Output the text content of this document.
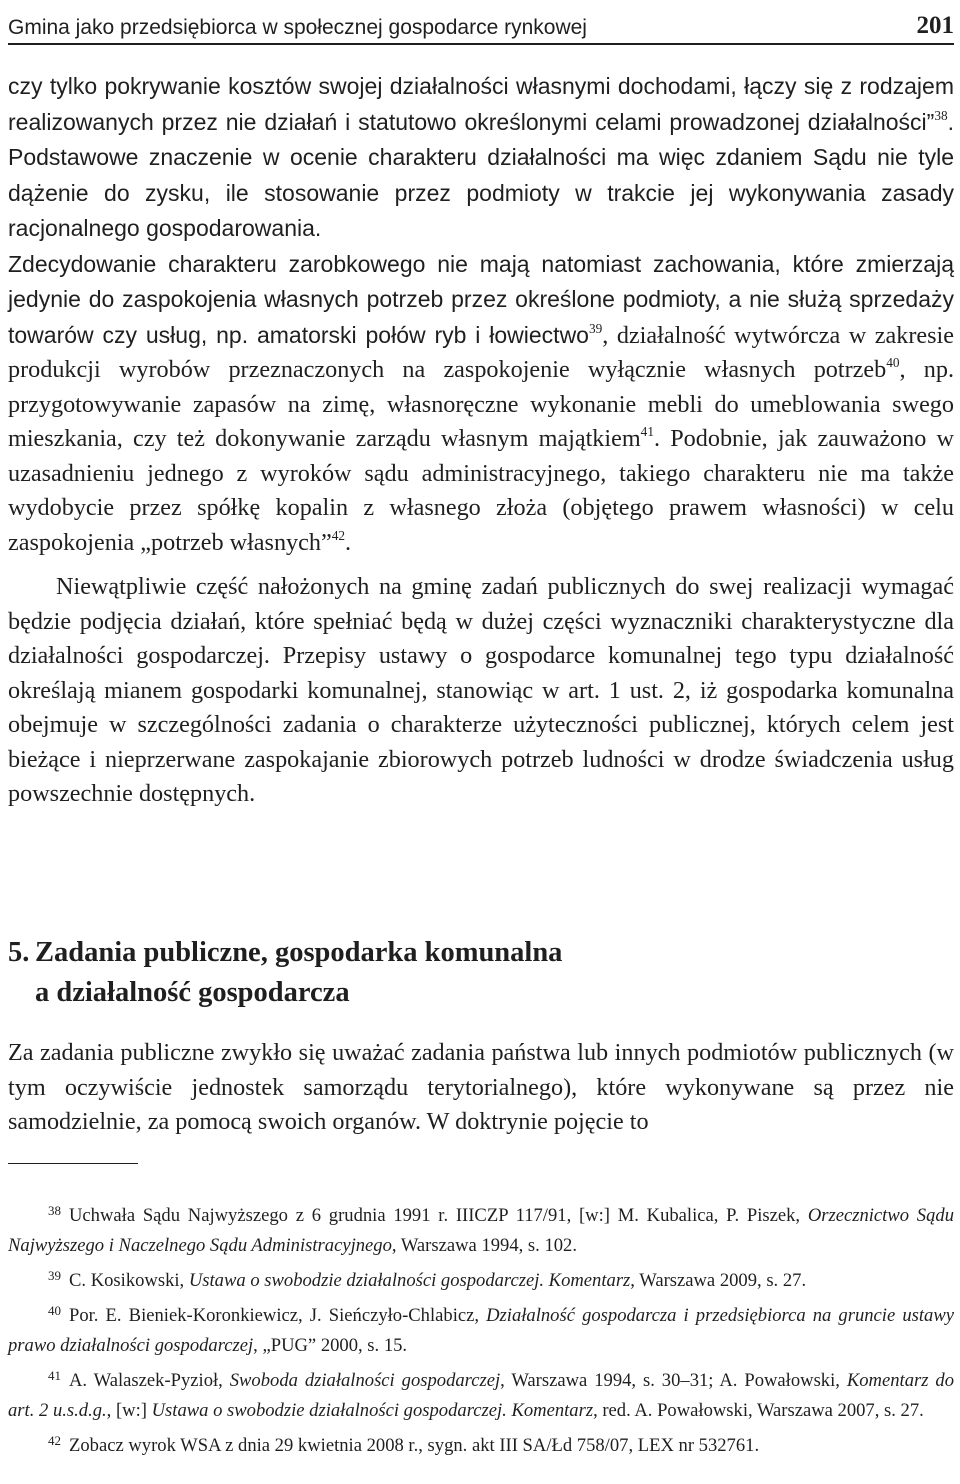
Gmina jako przedsiębiorca w społecznej gospodarce rynkowej	201
czy tylko pokrywanie kosztów swojej działalności własnymi dochodami, łączy się z rodzajem realizowanych przez nie działań i statutowo określonymi celami prowadzonej działalności”$^{38}$. Podstawowe znaczenie w ocenie charakteru działalności ma więc zdaniem Sądu nie tyle dążenie do zysku, ile stosowanie przez podmioty w trakcie jej wykonywania zasady racjonalnego gospodarowania.
Zdecydowanie charakteru zarobkowego nie mają natomiast zachowania, które zmierzają jedynie do zaspokojenia własnych potrzeb przez określone podmioty, a nie służą sprzedaży towarów czy usług, np. amatorski połów ryb i łowiectwo$^{39}$, działalność wytwórcza w zakresie produkcji wyrobów przeznaczonych na zaspokojenie wyłącznie własnych potrzeb$^{40}$, np. przygotowywanie zapasów na zimę, własnoręczne wykonanie mebli do umeblowania swego mieszkania, czy też dokonywanie zarządu własnym majątkiem$^{41}$. Podobnie, jak zauważono w uzasadnieniu jednego z wyroków sądu administracyjnego, takiego charakteru nie ma także wydobycie przez spółkę kopalin z własnego złoża (objętego prawem własności) w celu zaspokojenia „potrzeb własnych”$^{42}$.
Niewątpliwie część nałożonych na gminę zadań publicznych do swej realizacji wymagać będzie podjęcia działań, które spełniać będą w dużej części wyznaczniki charakterystyczne dla działalności gospodarczej. Przepisy ustawy o gospodarce komunalnej tego typu działalność określają mianem gospodarki komunalnej, stanowiąc w art. 1 ust. 2, iż gospodarka komunalna obejmuje w szczególności zadania o charakterze użyteczności publicznej, których celem jest bieżące i nieprzerwane zaspokajanie zbiorowych potrzeb ludności w drodze świadczenia usług powszechnie dostępnych.
5. Zadania publiczne, gospodarka komunalna
a działalność gospodarcza
Za zadania publiczne zwykło się uważać zadania państwa lub innych podmiotów publicznych (w tym oczywiście jednostek samorządu terytorialnego), które wykonywane są przez nie samodzielnie, za pomocą swoich organów. W doktrynie pojęcie to

38 Uchwała Sądu Najwyższego z 6 grudnia 1991 r. IIICZP 117/91, [w:] M. Kubalica, P. Piszek, Orzecznictwo Sądu Najwyższego i Naczelnego Sądu Administracyjnego, Warszawa 1994, s. 102.

39 C. Kosikowski, Ustawa o swobodzie działalności gospodarczej. Komentarz, Warszawa 2009, s. 27.

40 Por. E. Bieniek-Koronkiewicz, J. Sieńczyło-Chlabicz, Działalność gospodarcza i przedsiębiorca na gruncie ustawy prawo działalności gospodarczej, „PUG” 2000, s. 15.

41 A. Walaszek-Pyzioł, Swoboda działalności gospodarczej, Warszawa 1994, s. 30–31; A. Powałowski, Komentarz do art. 2 u.s.d.g., [w:] Ustawa o swobodzie działalności gospodarczej. Komentarz, red. A. Powałowski, Warszawa 2007, s. 27.

42 Zobacz wyrok WSA z dnia 29 kwietnia 2008 r., sygn. akt III SA/Łd 758/07, LEX nr 532761.
